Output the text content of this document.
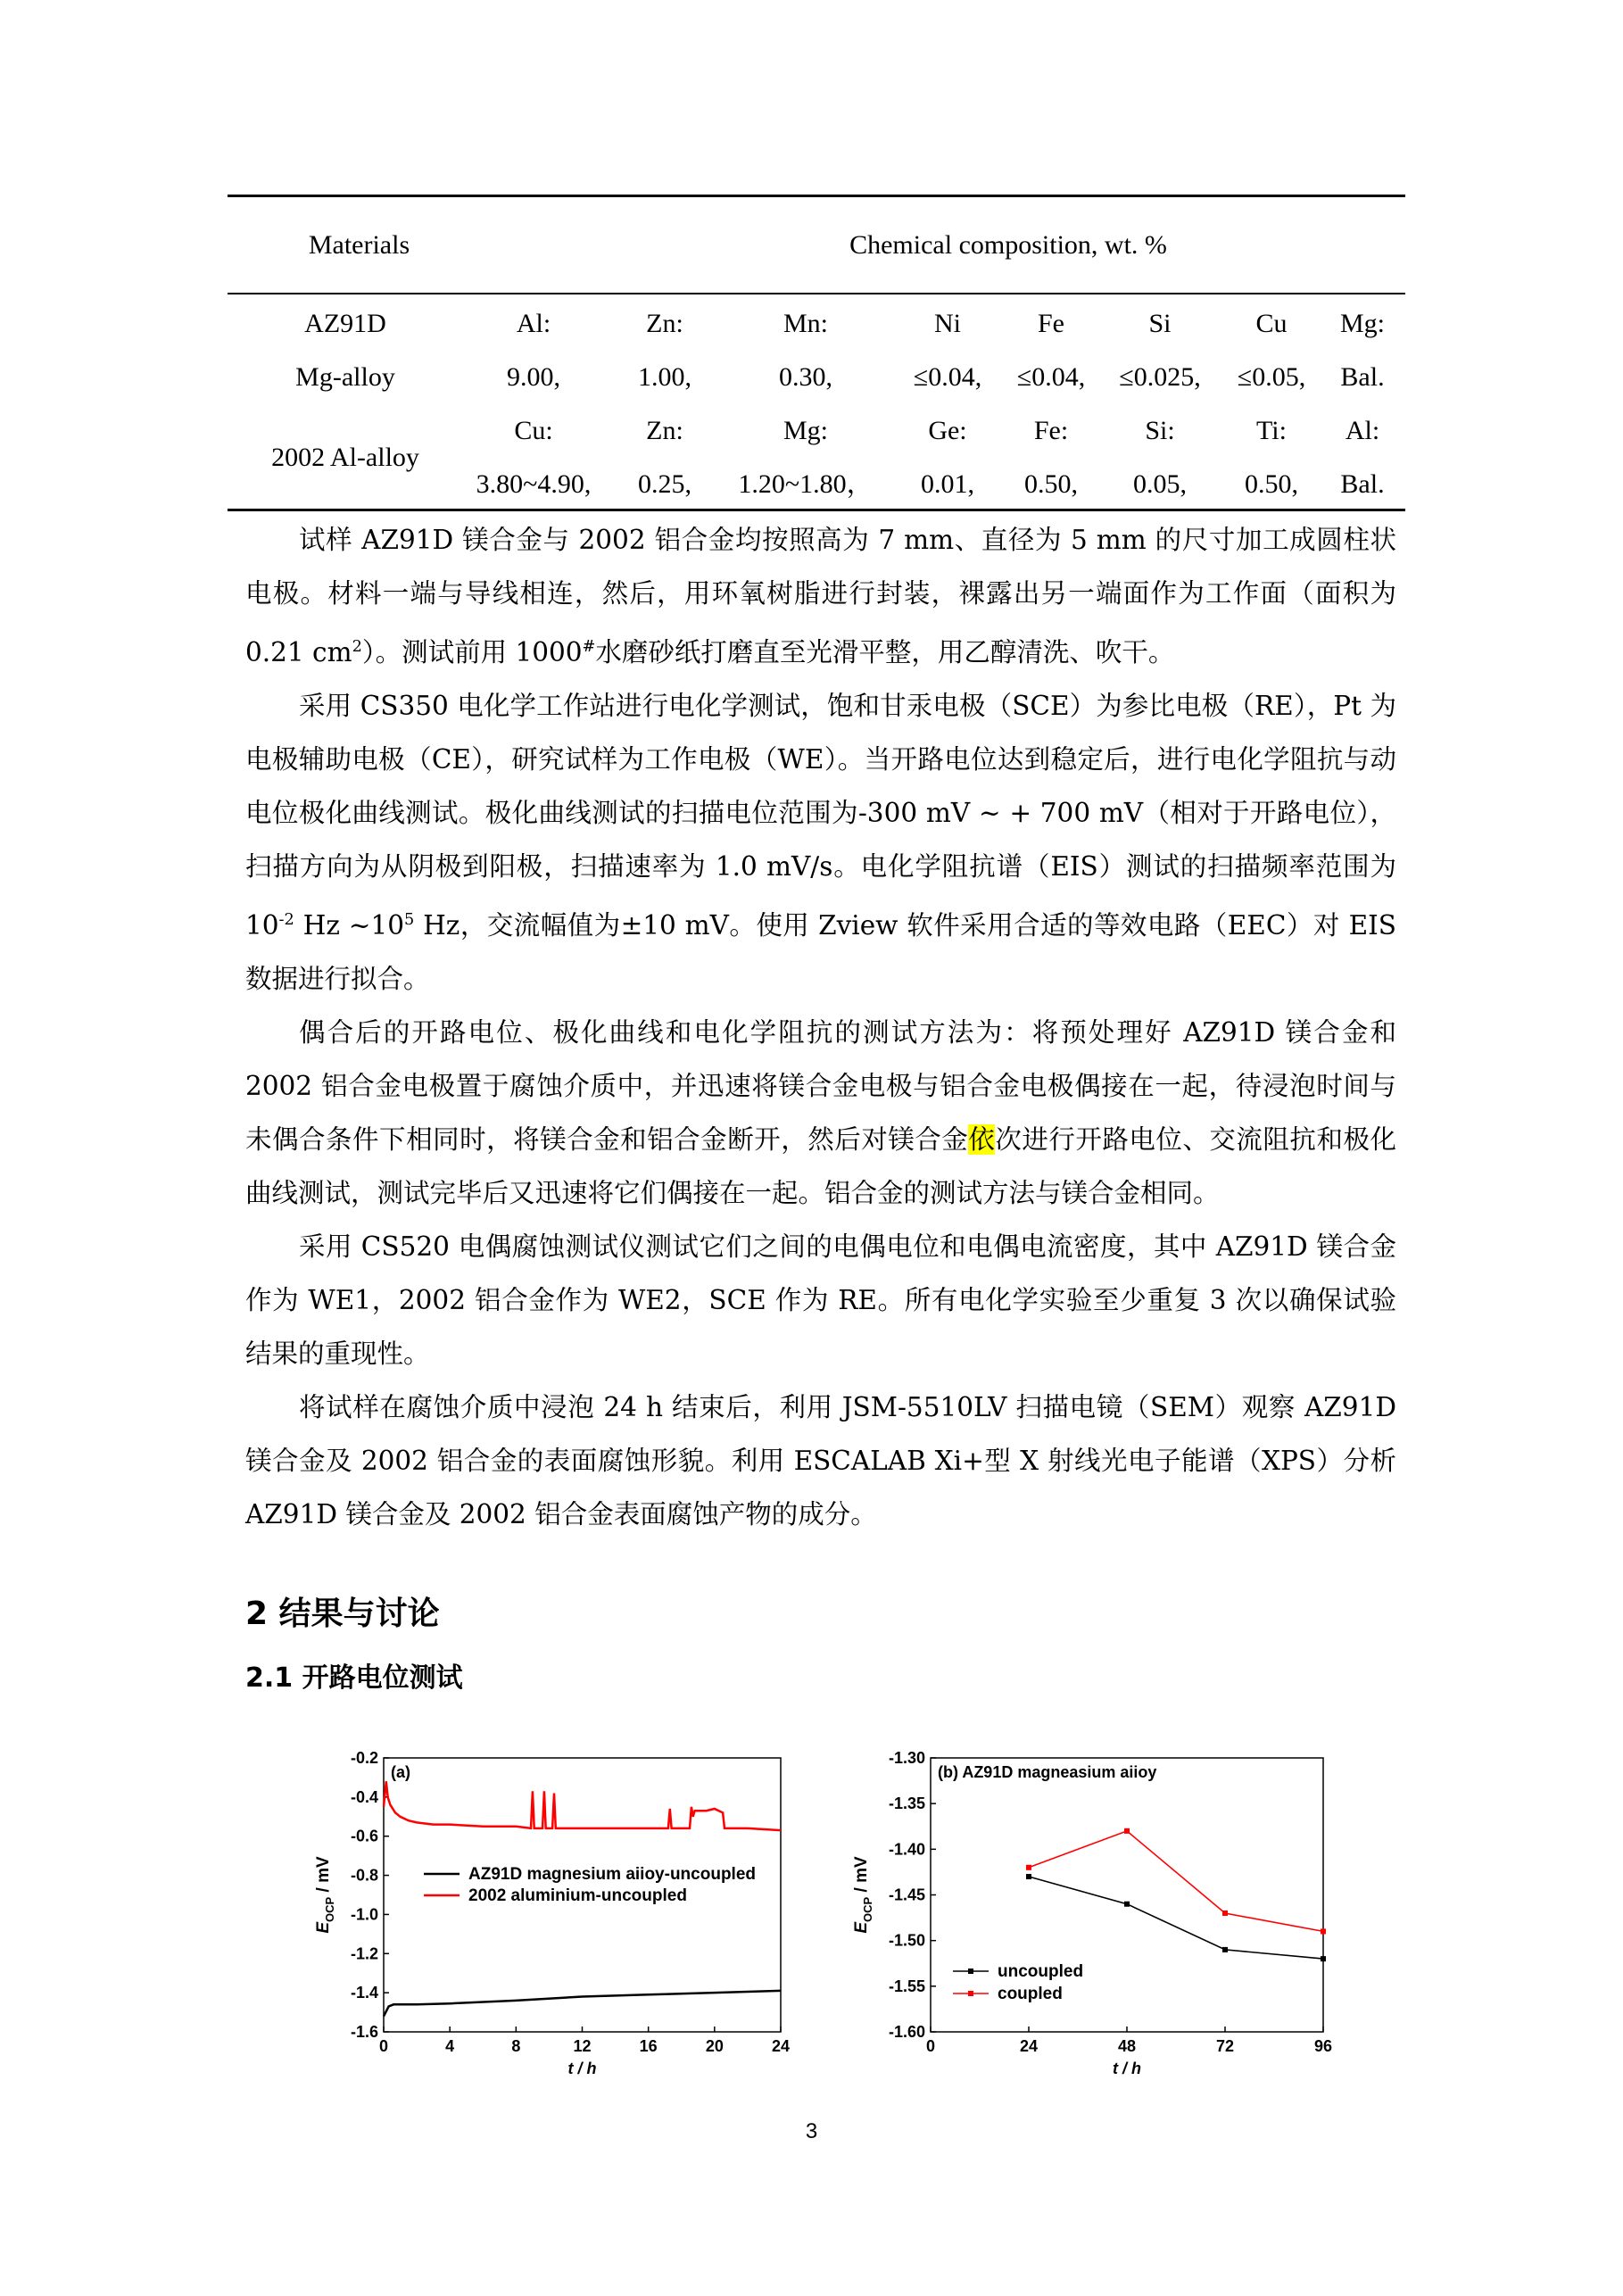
Materials	Chemical composition, wt. %
AZ91D	Al:	Zn:	Mn:	Ni	Fe	Si	Cu	Mg:
Mg-alloy	9.00,	1.00,	0.30,	≤0.04,	≤0.04,	≤0.025,	≤0.05,	Bal.
2002 Al-alloy
Cu:	Zn:	Mg:	Ge:	Fe:	Si:	Ti:	Al:
3.80~4.90,	0.25,	1.20~1.80，	0.01,	0.50,	0.05,	0.50,	Bal.

试样 AZ91D 镁合金与 2002 铝合金均按照高为 7 mm、直径为 5 mm 的尺寸加工成圆柱状电极。材料一端与导线相连，然后，用环氧树脂进行封装，裸露出另一端面作为工作面（面积为 0.21 $cm^2$）。测试前用 1000#水磨砂纸打磨直至光滑平整，用乙醇清洗、吹干。

采用 CS350 电化学工作站进行电化学测试，饱和甘汞电极（SCE）为参比电极（RE），Pt 为电极辅助电极（CE），研究试样为工作电极（WE）。当开路电位达到稳定后，进行电化学阻抗与动电位极化曲线测试。极化曲线测试的扫描电位范围为-300 mV ~ + 700 mV（相对于开路电位），扫描方向为从阴极到阳极，扫描速率为 1.0 mV/s。电化学阻抗谱（EIS）测试的扫描频率范围为 $10^{-2}$ Hz $\sim 10^5$ Hz，交流幅值为±10 mV。使用 Zview 软件采用合适的等效电路（EEC）对 EIS 数据进行拟合。

偶合后的开路电位、极化曲线和电化学阻抗的测试方法为：将预处理好 AZ91D 镁合金和 2002 铝合金电极置于腐蚀介质中，并迅速将镁合金电极与铝合金电极偶接在一起，待浸泡时间与未偶合条件下相同时，将镁合金和铝合金断开，然后对镁合金依次进行开路电位、交流阻抗和极化曲线测试，测试完毕后又迅速将它们偶接在一起。铝合金的测试方法与镁合金相同。

采用 CS520 电偶腐蚀测试仪测试它们之间的电偶电位和电偶电流密度，其中 AZ91D 镁合金作为 WE1，2002 铝合金作为 WE2，SCE 作为 RE。所有电化学实验至少重复 3 次以确保试验结果的重现性。

将试样在腐蚀介质中浸泡 24 h 结束后，利用 JSM-5510LV 扫描电镜（SEM）观察 AZ91D 镁合金及 2002 铝合金的表面腐蚀形貌。利用 ESCALAB Xi+型 X 射线光电子能谱（XPS）分析 AZ91D 镁合金及 2002 铝合金表面腐蚀产物的成分。

2 结果与讨论
2.1 开路电位测试
0	4	8	12	16	20	24
-0.2
-0.4
-0.6
-0.8
-1.0
-1.2
-1.4
-1.6
t / h
$E_{OCP}$ / mV
(a)
AZ91D magnesium aiioy-uncoupled
2002 aluminium-uncoupled
0	24	48	72	96
-1.30
-1.35
-1.40
-1.45
-1.50
-1.55
-1.60
t / h
$E_{OCP}$ / mV
(b) AZ91D magneasium aiioy
uncoupled
coupled
3
